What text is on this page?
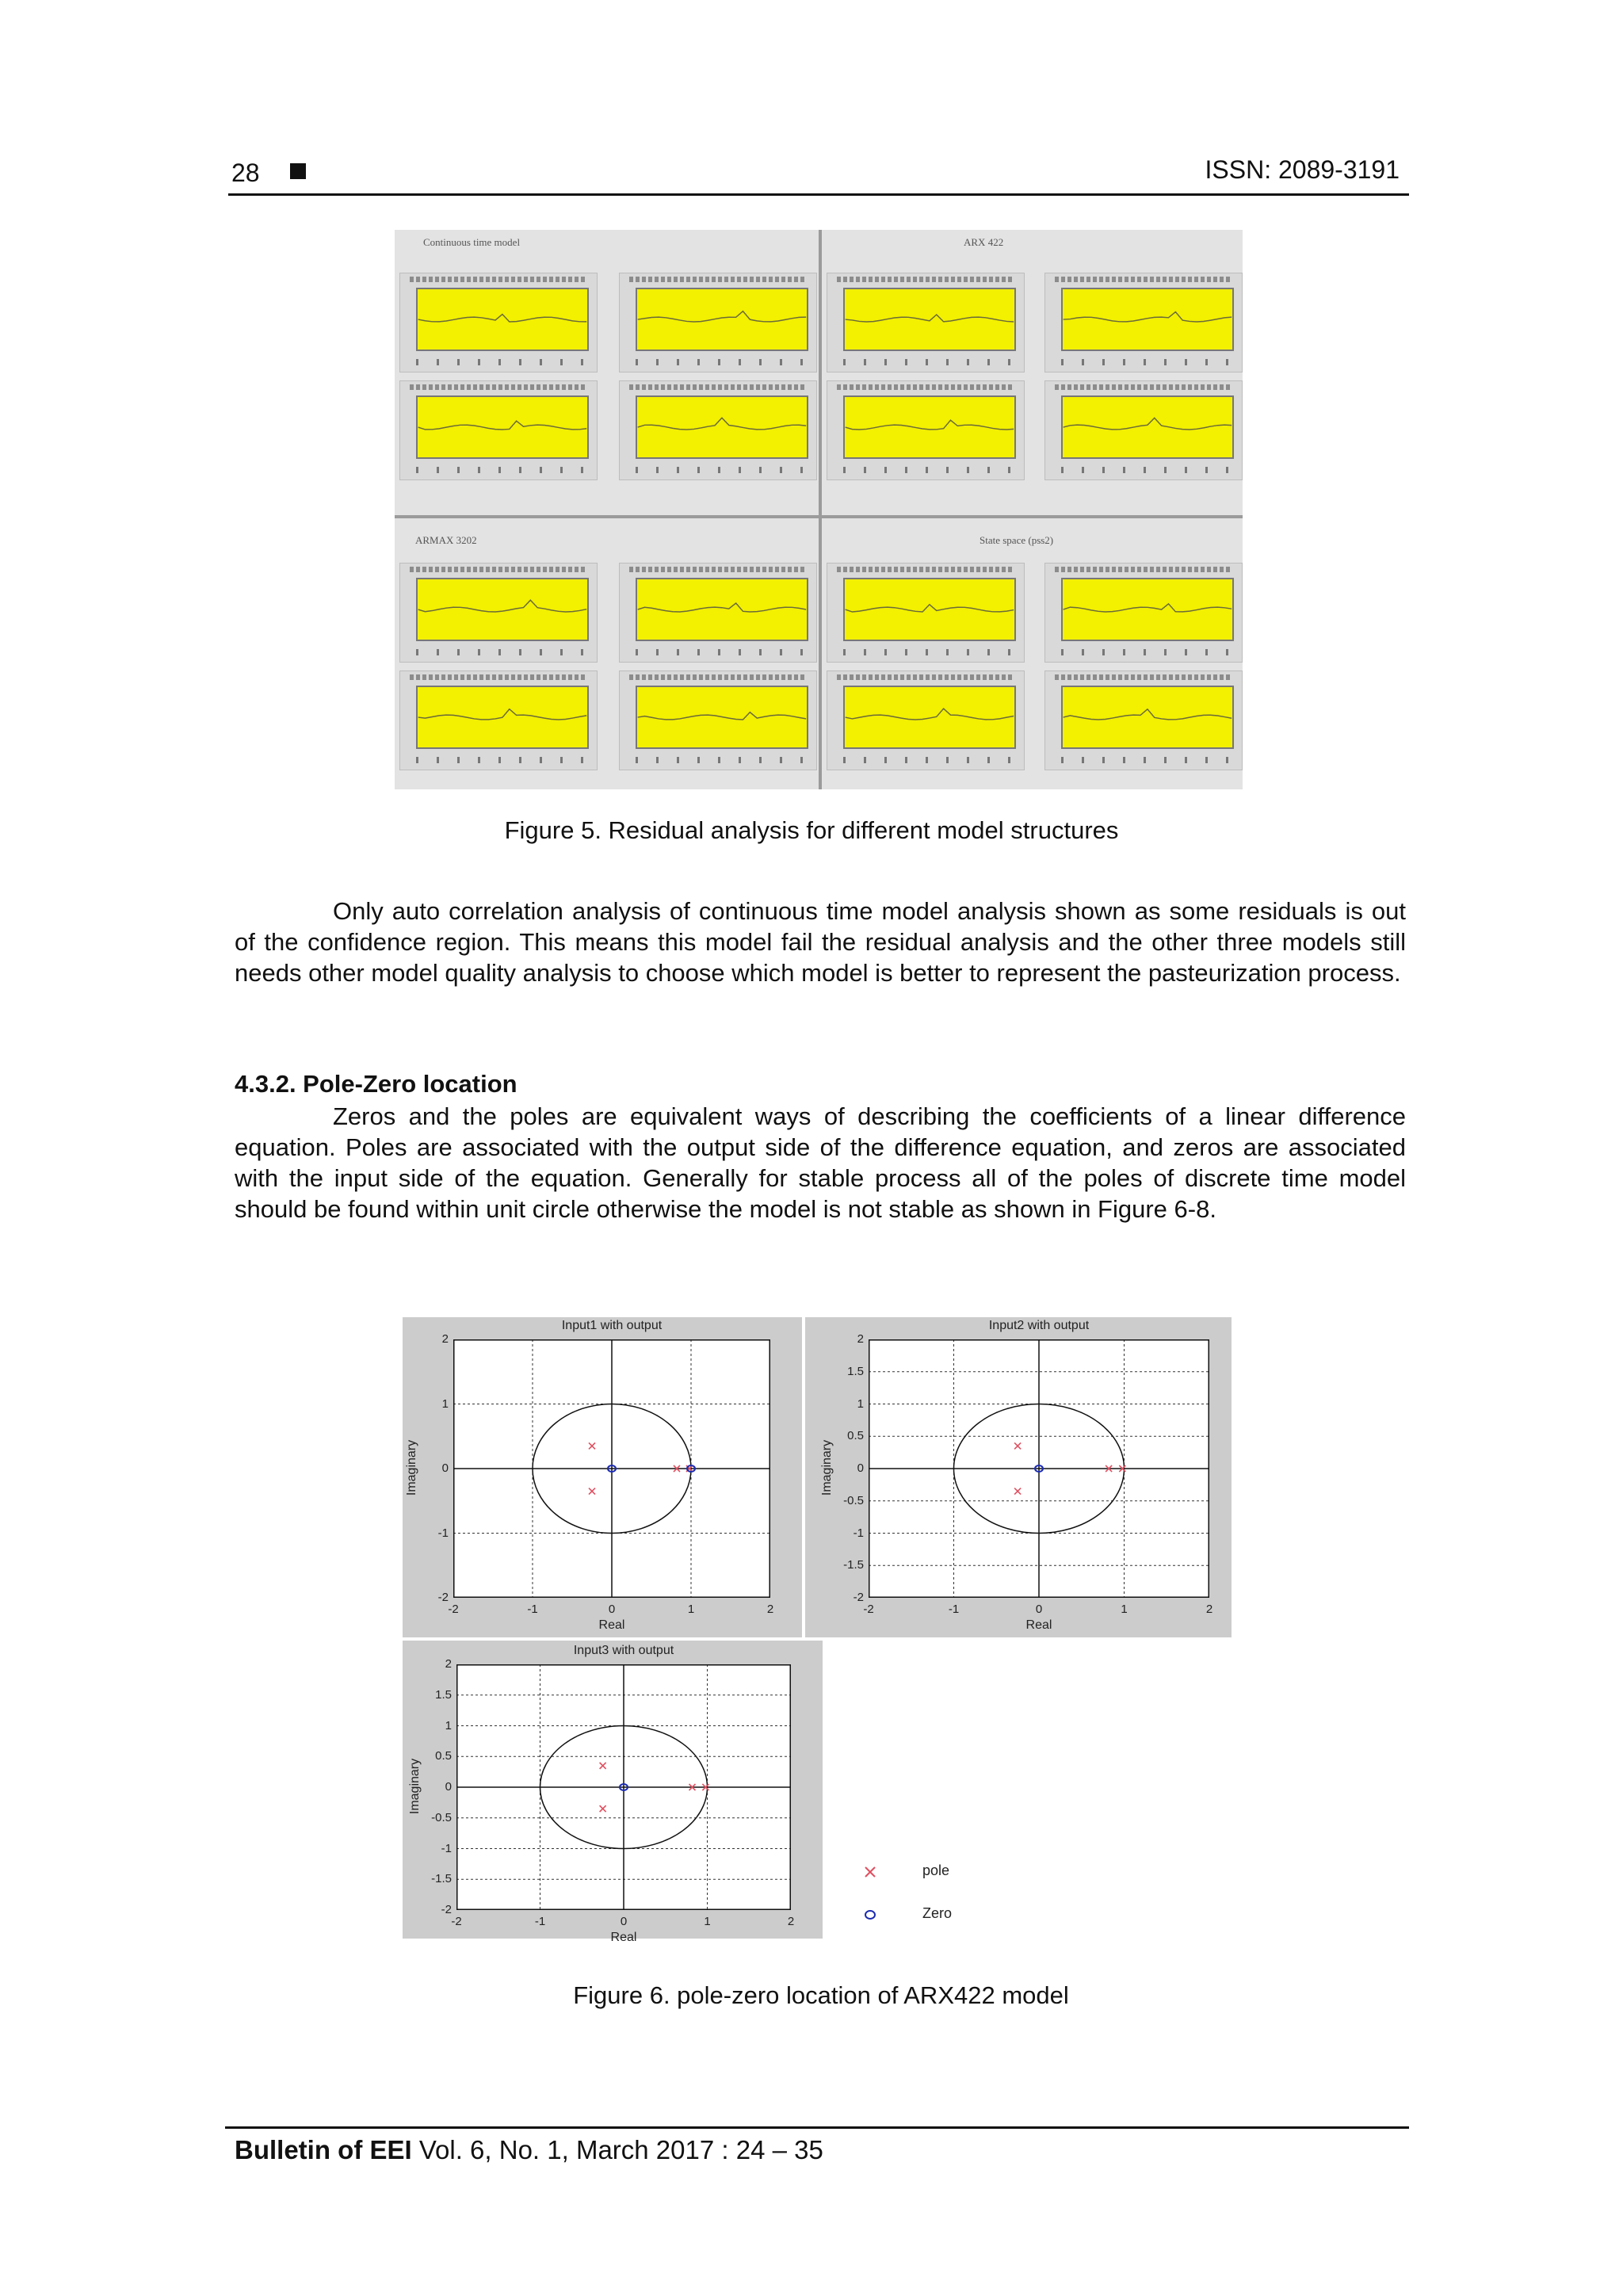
28	ISSN: 2089-3191
Continuous time model	ARX 422
ARMAX 3202	State space (pss2)
Figure 5. Residual analysis for different model structures

Only auto correlation analysis of continuous time model analysis shown as some residuals is out of the confidence region. This means this model fail the residual analysis and the other three models still needs other model quality analysis to choose which model is better to represent the pasteurization process.

4.3.2. Pole-Zero location

Zeros and the poles are equivalent ways of describing the coefficients of a linear difference equation. Poles are associated with the output side of the difference equation, and zeros are associated with the input side of the equation. Generally for stable process all of the poles of discrete time model should be found within unit circle otherwise the model is not stable as shown in Figure 6-8.

Input1 with output
-2	-1	0	1	2
-2
-1
0
1
2
Real
Imaginary
Input2 with output
-2	-1	0	1	2
-2
-1.5
-1
-0.5
0
0.5
1
1.5
2
Real
Imaginary
Input3 with output
-2	-1	0	1	2
-2
-1.5
-1
-0.5
0
0.5
1
1.5
2
Real
Imaginary
pole
Zero
Figure 6. pole-zero location of ARX422 model
Bulletin of EEI Vol. 6, No. 1, March 2017 : 24 – 35
